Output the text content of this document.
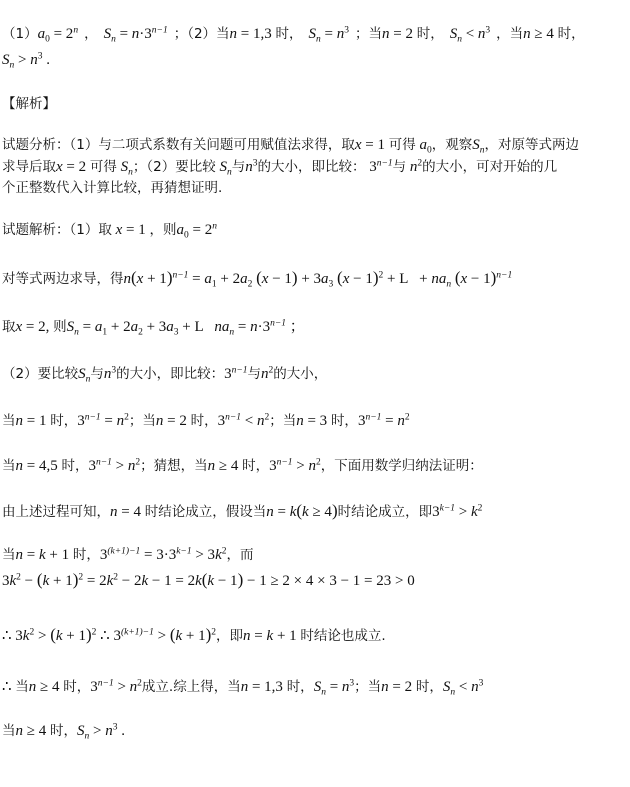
$(1)a_0 = 2^n$ ， $S_n = n\cdot 3^{n-1}$ ；（2）当n = 1,3 时， $S_n = n^3$ ；当n = 2 时， $S_n < n^3$ ，当n ≥ 4 时，
$S_n > n^3$ .
【解析】
试题分析：（1）与二项式系数有关问题可用赋值法求得，取x = 1 可得 $a_0$，观察$S_n$，对原等式两边
求导后取x = 2 可得 $S_n$；（2）要比较 $S_n$与$n^3$的大小，即比较： $3^{n-1}$与 $n^2$的大小，可对开始的几
个正整数代入计算比较，再猜想证明.
试题解析：（1）取 x = 1 ，则$a_0 = 2^n$
对等式两边求导，得$n(x + 1)^{n-1} = a_1 + 2a_2$ $(x - 1) + 3a_3$ $(x - 1)^2 + L + na_n$ $(x - 1)^{n-1}$
取x = 2, 则$S_n = a_1 + 2a_2 + 3a_3 + L$   $na_n = n\cdot 3^{n-1}$ ；
（2）要比较$S_n$与$n^3$的大小，即比较：$3^{n-1}$与$n^2$的大小，
当n = 1 时，$3^{n-1} = n^2$；当n = 2 时，$3^{n-1} < n^2$；当n = 3 时，$3^{n-1} = n^2$
当n = 4,5 时，$3^{n-1} > n^2$；猜想，当n ≥ 4 时，$3^{n-1} > n^2$，下面用数学归纳法证明：
由上述过程可知，n = 4 时结论成立，假设当n = k(k ≥ 4)时结论成立，即$3^{k-1} > k^2$
当n = k + 1 时，$3^{(k+1)-1} = 3\cdot 3^{k-1} > 3k^2$，而
$3k^2 - (k + 1)^2 = 2k^2 - 2k - 1 = 2k(k - 1) - 1 \ge 2 \times 4 \times 3 - 1 = 23 > 0$
∴ $3k^2 > (k + 1)^2$ ∴ $3^{(k+1)-1} > (k + 1)^2$，即n = k + 1 时结论也成立.
∴ 当n ≥ 4 时，$3^{n-1} > n^2$成立.综上得，当n = 1,3 时，$S_n = n^3$；当n = 2 时，$S_n < n^3$
当n ≥ 4 时，$S_n > n^3$ .
